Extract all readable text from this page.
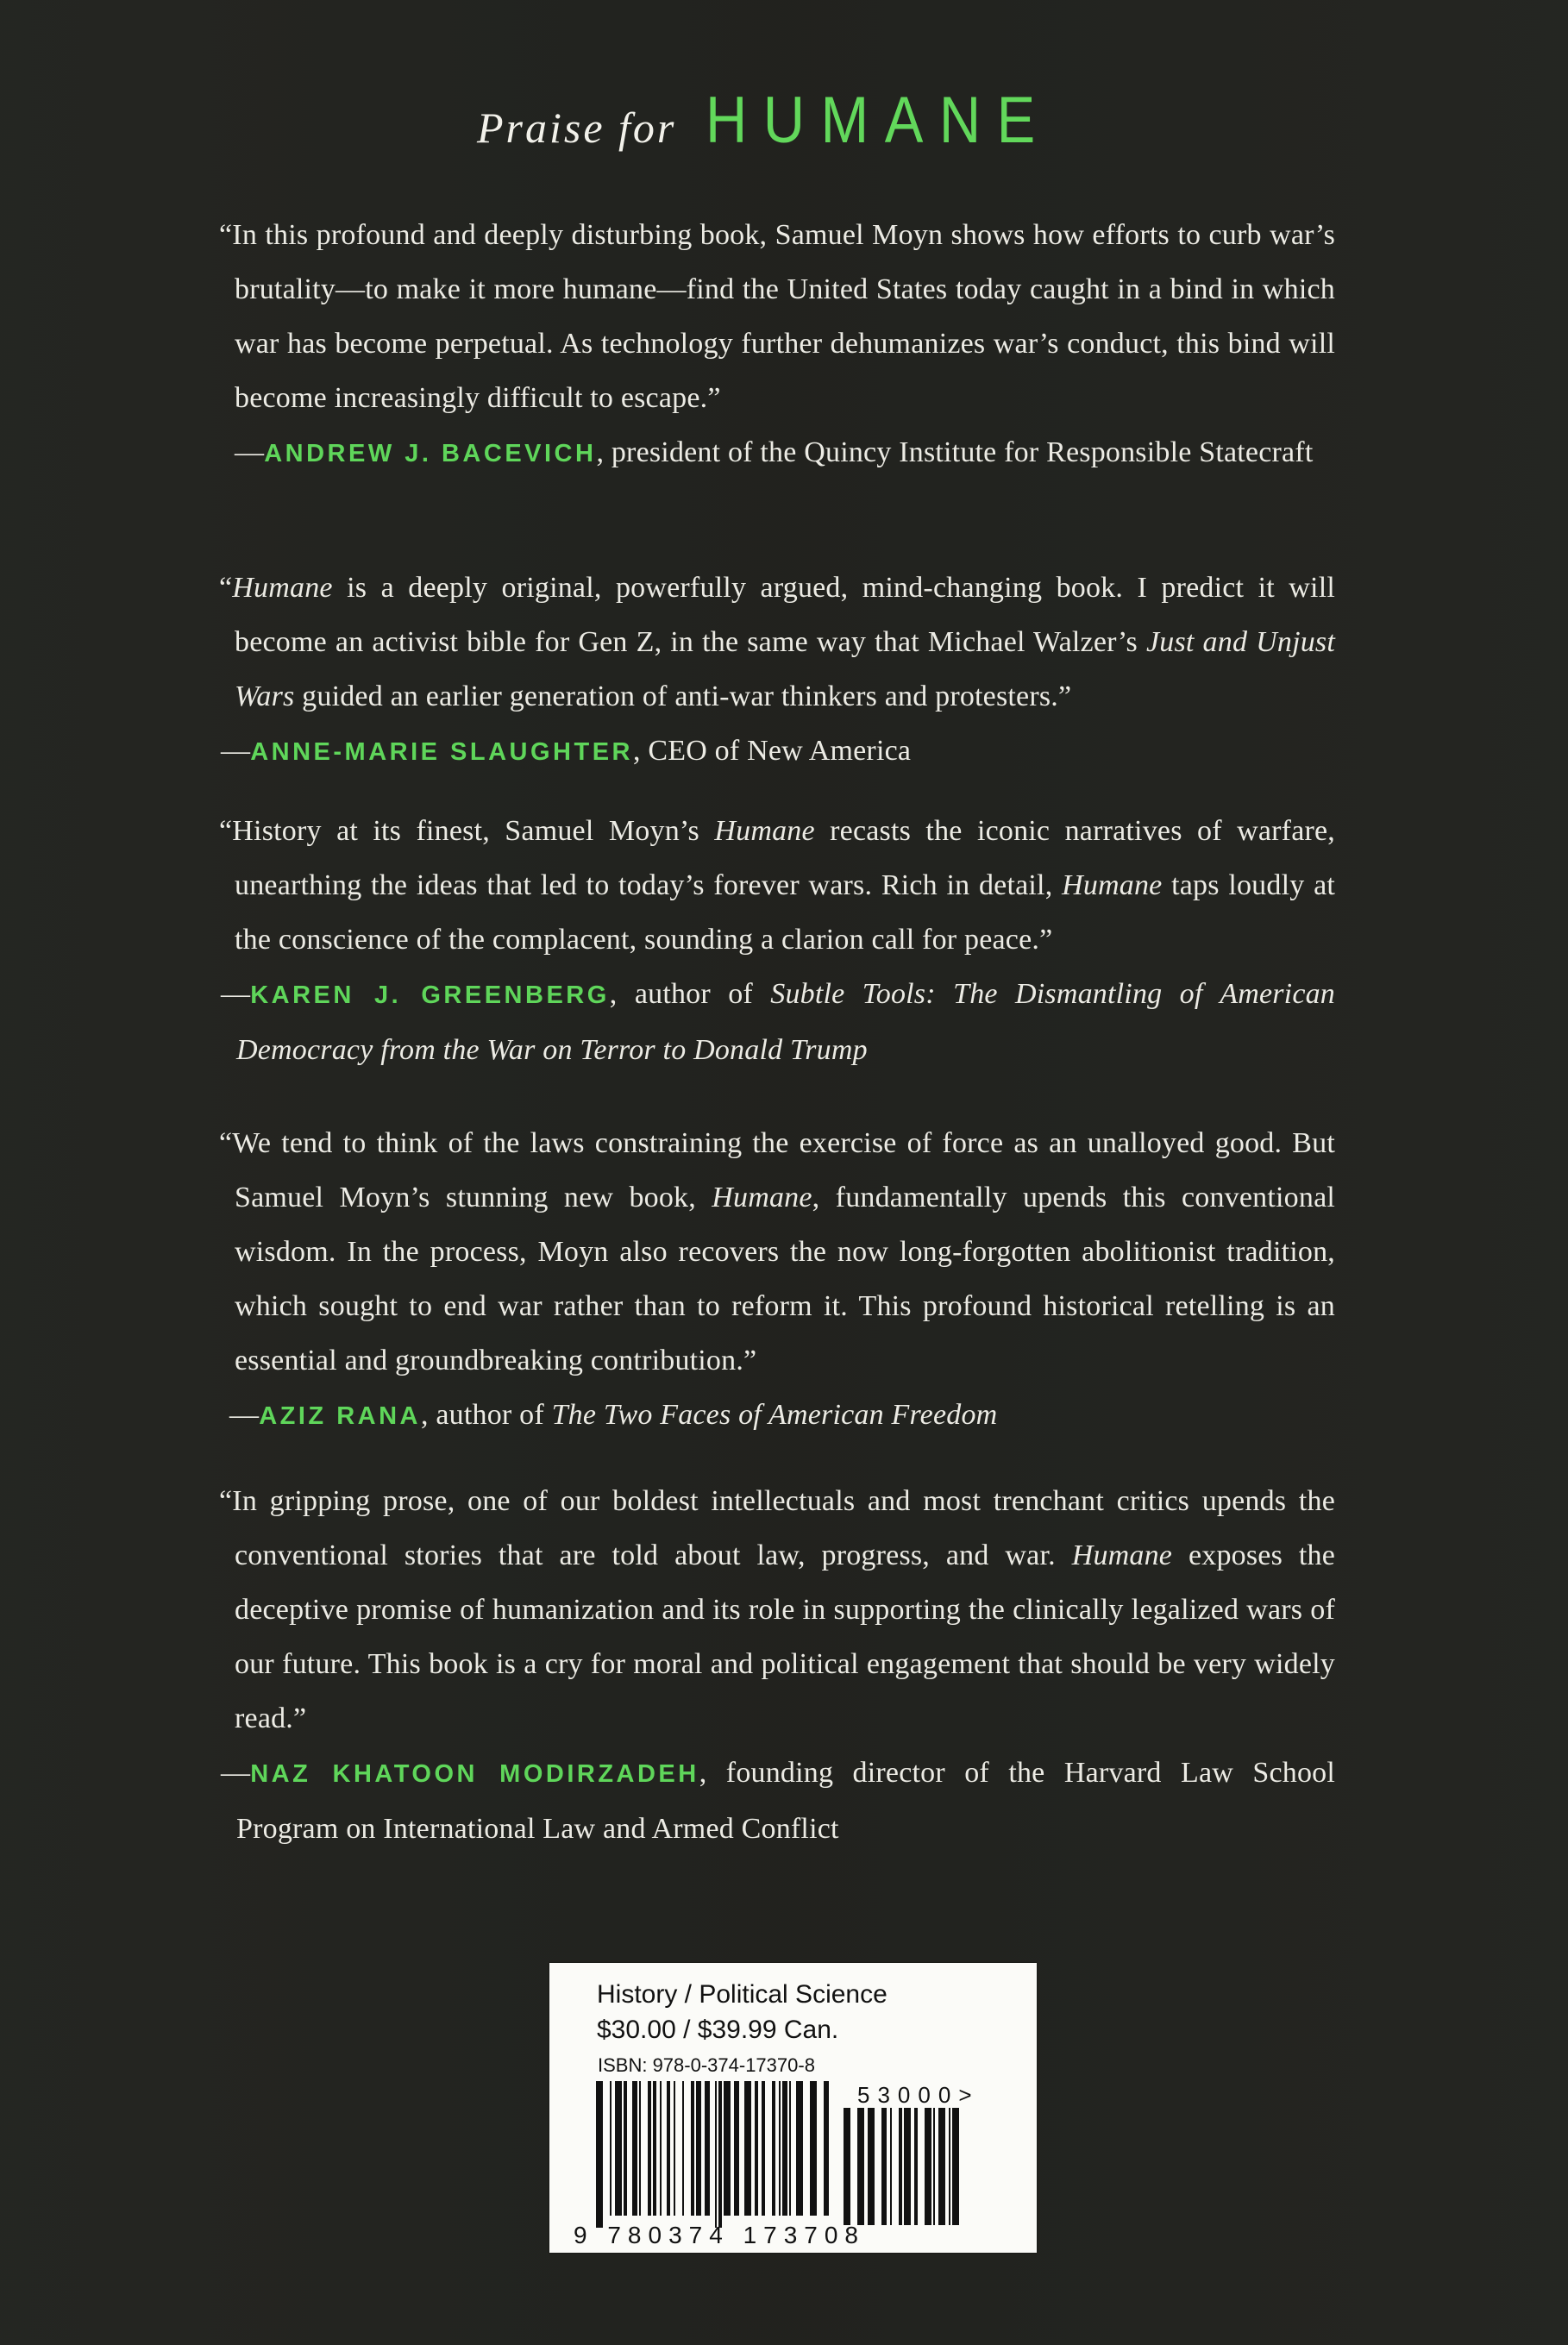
Praise for HUMANE

“In this profound and deeply disturbing book, Samuel Moyn shows how efforts to curb war’s brutality—to make it more humane—find the United States today caught in a bind in which war has become perpetual. As technology further dehumanizes war’s conduct, this bind will become increasingly difficult to escape.”

—ANDREW J. BACEVICH, president of the Quincy Institute for Responsible Statecraft

“Humane is a deeply original, powerfully argued, mind-changing book. I predict it will become an activist bible for Gen Z, in the same way that Michael Walzer’s Just and Unjust Wars guided an earlier generation of anti-war thinkers and protesters.”

—ANNE-MARIE SLAUGHTER, CEO of New America

“History at its finest, Samuel Moyn’s Humane recasts the iconic narratives of warfare, unearthing the ideas that led to today’s forever wars. Rich in detail, Humane taps loudly at the conscience of the complacent, sounding a clarion call for peace.”

—KAREN J. GREENBERG, author of Subtle Tools: The Dismantling of American Democracy from the War on Terror to Donald Trump

“We tend to think of the laws constraining the exercise of force as an unalloyed good. But Samuel Moyn’s stunning new book, Humane, fundamentally upends this conventional wisdom. In the process, Moyn also recovers the now long-forgotten abolitionist tradition, which sought to end war rather than to reform it. This profound historical retelling is an essential and groundbreaking contribution.”

—AZIZ RANA, author of The Two Faces of American Freedom

“In gripping prose, one of our boldest intellectuals and most trenchant critics upends the conventional stories that are told about law, progress, and war. Humane exposes the deceptive promise of humanization and its role in supporting the clinically legalized wars of our future. This book is a cry for moral and political engagement that should be very widely read.”

—NAZ KHATOON MODIRZADEH, founding director of the Harvard Law School Program on International Law and Armed Conflict

History / Political Science
$30.00 / $39.99 Can.
ISBN: 978-0-374-17370-8
53000>
9 780374 173708
